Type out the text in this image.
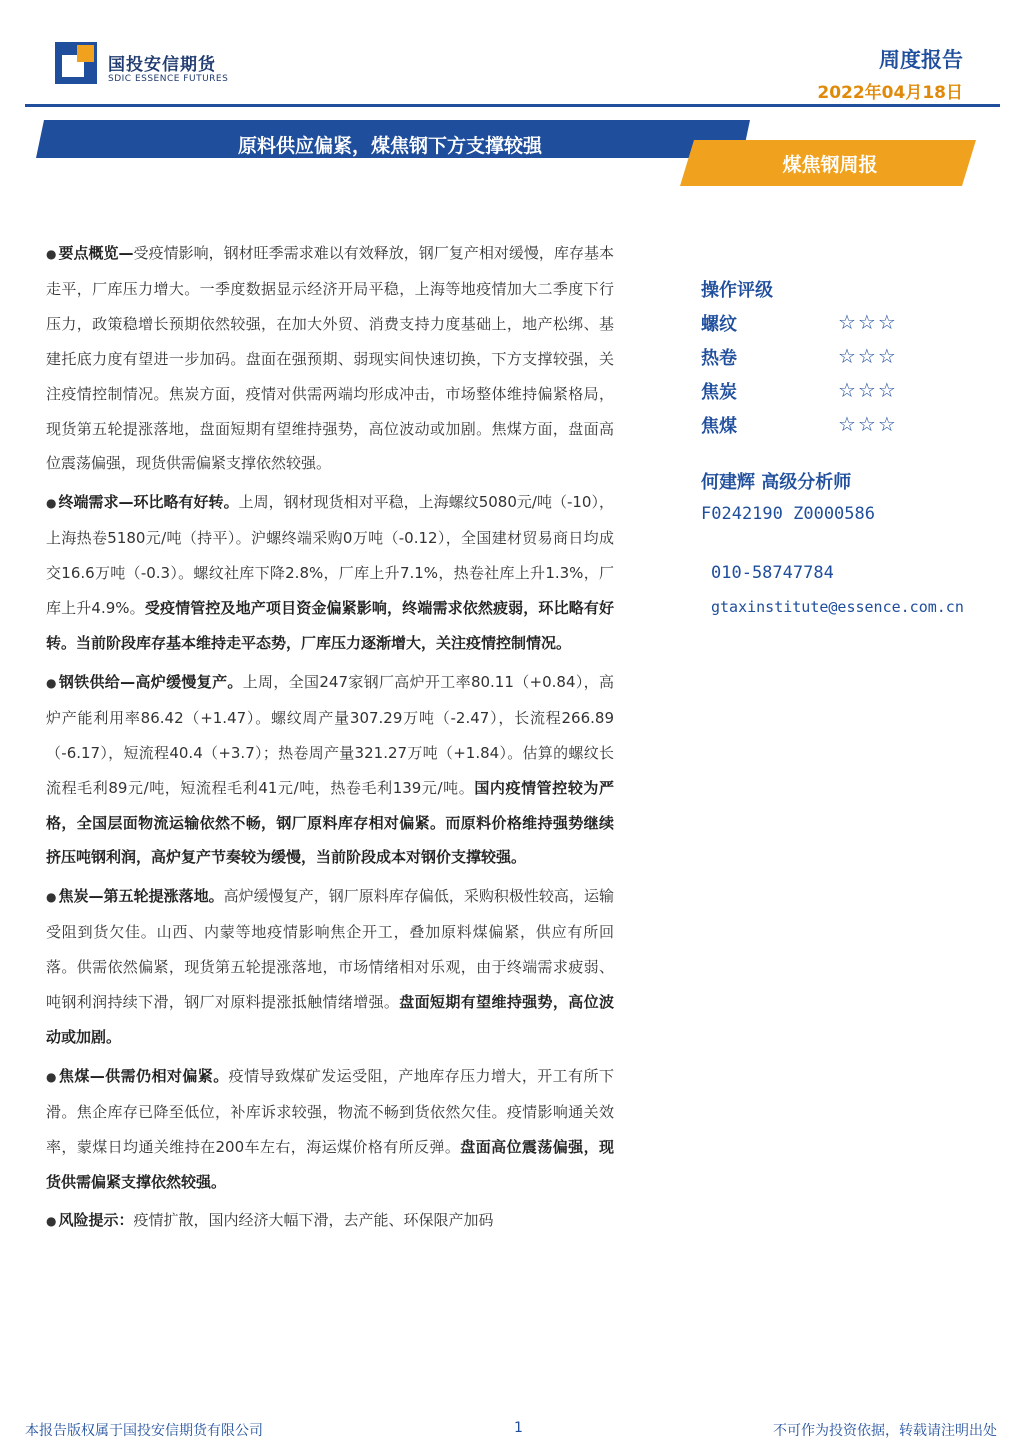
国投安信期货
SDIC ESSENCE FUTURES
周度报告
2022年04月18日
原料供应偏紧，煤焦钢下方支撑较强
煤焦钢周报

● 要点概览—受疫情影响，钢材旺季需求难以有效释放，钢厂复产相对缓慢，库存基本走平，厂库压力增大。一季度数据显示经济开局平稳，上海等地疫情加大二季度下行压力，政策稳增长预期依然较强，在加大外贸、消费支持力度基础上，地产松绑、基建托底力度有望进一步加码。盘面在强预期、弱现实间快速切换，下方支撑较强，关注疫情控制情况。焦炭方面，疫情对供需两端均形成冲击，市场整体维持偏紧格局，现货第五轮提涨落地，盘面短期有望维持强势，高位波动或加剧。焦煤方面，盘面高位震荡偏强，现货供需偏紧支撑依然较强。

● 终端需求—环比略有好转。上周，钢材现货相对平稳，上海螺纹5080元/吨（-10），上海热卷5180元/吨（持平）。沪螺终端采购0万吨（-0.12），全国建材贸易商日均成交16.6万吨（-0.3）。螺纹社库下降2.8%，厂库上升7.1%，热卷社库上升1.3%，厂库上升4.9%。受疫情管控及地产项目资金偏紧影响，终端需求依然疲弱，环比略有好转。当前阶段库存基本维持走平态势，厂库压力逐渐增大，关注疫情控制情况。

● 钢铁供给—高炉缓慢复产。上周，全国247家钢厂高炉开工率80.11（+0.84），高炉产能利用率86.42（+1.47）。螺纹周产量307.29万吨（-2.47），长流程266.89（-6.17），短流程40.4（+3.7）；热卷周产量321.27万吨（+1.84）。估算的螺纹长流程毛利89元/吨，短流程毛利41元/吨，热卷毛利139元/吨。国内疫情管控较为严格，全国层面物流运输依然不畅，钢厂原料库存相对偏紧。而原料价格维持强势继续挤压吨钢利润，高炉复产节奏较为缓慢，当前阶段成本对钢价支撑较强。

● 焦炭—第五轮提涨落地。高炉缓慢复产，钢厂原料库存偏低，采购积极性较高，运输受阻到货欠佳。山西、内蒙等地疫情影响焦企开工，叠加原料煤偏紧，供应有所回落。供需依然偏紧，现货第五轮提涨落地，市场情绪相对乐观，由于终端需求疲弱、吨钢利润持续下滑，钢厂对原料提涨抵触情绪增强。盘面短期有望维持强势，高位波动或加剧。

● 焦煤—供需仍相对偏紧。疫情导致煤矿发运受阻，产地库存压力增大，开工有所下滑。焦企库存已降至低位，补库诉求较强，物流不畅到货依然欠佳。疫情影响通关效率，蒙煤日均通关维持在200车左右，海运煤价格有所反弹。盘面高位震荡偏强，现货供需偏紧支撑依然较强。

● 风险提示：疫情扩散，国内经济大幅下滑，去产能、环保限产加码

操作评级
螺纹	☆☆☆
热卷	☆☆☆
焦炭	☆☆☆
焦煤	☆☆☆
何建辉 高级分析师
F0242190 Z0000586
010-58747784
gtaxinstitute@essence.com.cn
本报告版权属于国投安信期货有限公司	1	不可作为投资依据，转载请注明出处
